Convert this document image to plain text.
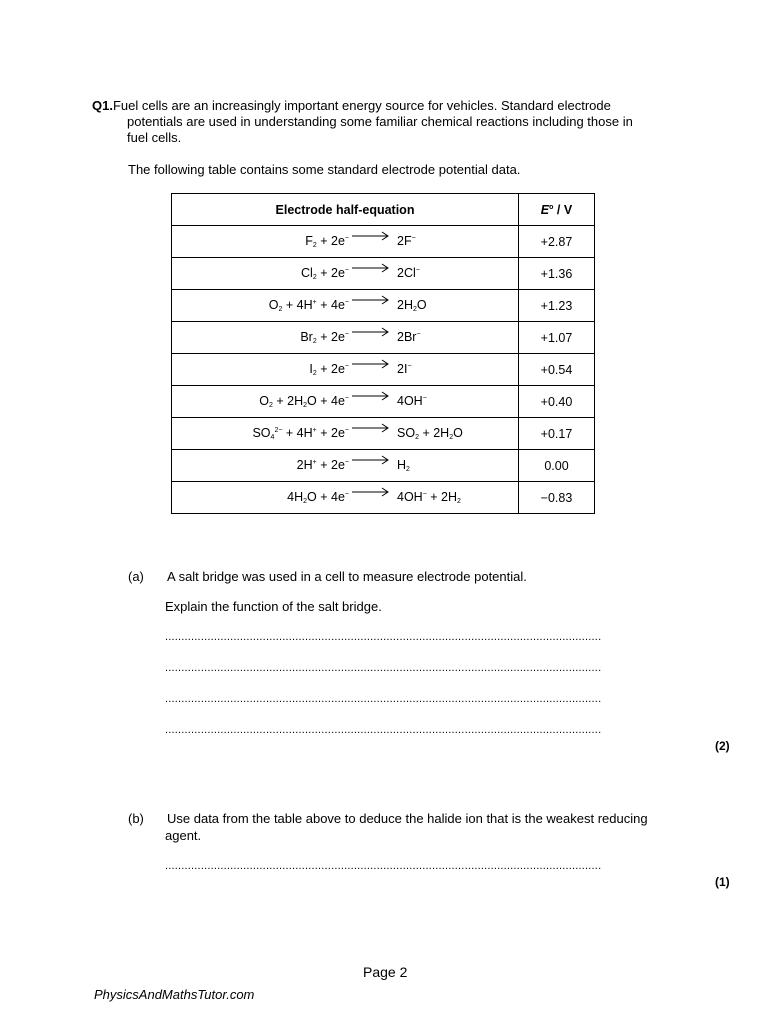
Q1.Fuel cells are an increasingly important energy source for vehicles. Standard electrode
potentials are used in understanding some familiar chemical reactions including those in
fuel cells.
The following table contains some standard electrode potential data.
Electrode half-equation	$E^o$ / V

$F_2 + 2e^- \to 2F^-$	+2.87

$Cl_2 + 2e^- \to 2Cl^-$	+1.36

$O_2 + 4H^+ + 4e^- \to 2H_2O$	+1.23

$Br_2 + 2e^- \to 2Br^-$	+1.07

$I_2 + 2e^- \to 2I^-$	+0.54

$O_2 + 2H_2O + 4e^- \to 4OH^-$	+0.40

$SO_4^{2-} + 4H^+ + 2e^- \to SO_2 + 2H_2O$	+0.17

$2H^+ + 2e^- \to H_2$	0.00

$4H_2O + 4e^- \to 4OH^- + 2H_2$	−0.83
(a) A salt bridge was used in a cell to measure electrode potential.
Explain the function of the salt bridge.
......................................................................................................................................
......................................................................................................................................
......................................................................................................................................
......................................................................................................................................
(2)
(b) Use data from the table above to deduce the halide ion that is the weakest reducing
agent.
......................................................................................................................................
(1)
Page 2
PhysicsAndMathsTutor.com
